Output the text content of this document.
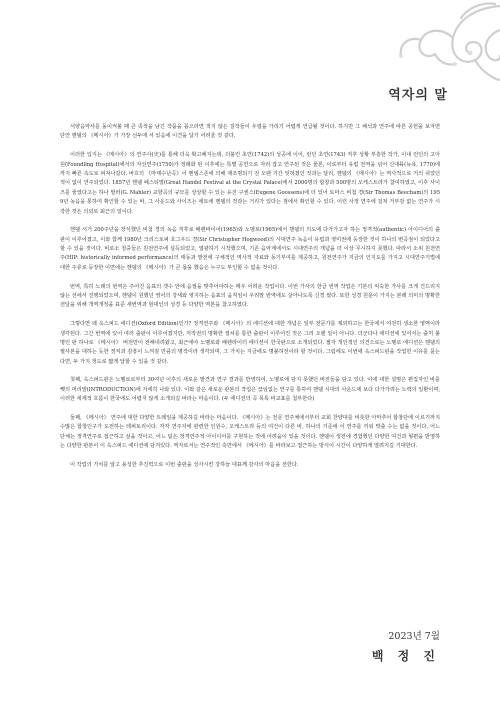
역자의 말

서양음악사를 돌이켜볼 때 큰 족적을 남긴 작품을 꼽으라면 적지 않은 걸작들이 우열을 가리기 어렵게 연급될 것이다. 하지만 그 해석과 연주에 따른 공헌을 보자면 단연 헨델의 《메시아》가 가장 선두에 서 있음에 이견을 달기 어려울 것 같다.

이러한 입지는 《메시아》의 연주사(史)를 통해 더욱 확고해지는데, 더블린 초연(1742)의 성공에 이어, 런던 초연(1743) 직후 상황 부흥한 작가, 이내 런던의 고아원(Foundling Hospital)에서의 자선연주(1750)가 정례화 된 이후에는 특별 공연으로 자리 잡고 연주된 것은 물론, 이로부터 유럽 전역을 넘어 신대륙(뉴욕, 1770)에까지 빠른 속도로 퍼져나갔다. 바흐의 《마태수난곡》이 멘델스존에 의해 재조명되기 전 오랜 기간 잊혀졌던 것과는 달리, 헨델의 《메시아》는 역사적으로 거의 쉬었던 적이 없이 연주되었다. 1857년 헨델 페스티벌(Great Handel Festival at the Crystal Palace)에서 2000명의 합창과 500명의 오케스트라가 참여하였고, 이후 사이즈를 줄였다고는 하나 말러(G. Mahler) 교향곡의 규모를 상상할 수 있는 유진 구센스(Eugene Goossens)에 더 있어 토마스 비첨 경(Sir Thomas Beecham)의 1959년 녹음을 통하여 확인할 수 있는 바, 그 사운드와 사이즈는 에토에 헨델의 것과는 거리가 있다는 점에서 확인할 수 있다. 이런 사정 연주에 걸쳐 거부감 없는 연주가 시작한 것은 의외로 최근의 일이다.

헨델 서거 200주년을 장식했던 비첨 경의 녹음 직후로 배렌바이어(1965)와 노벨로(1965)에서 헨델의 의도에 다가가고자 하는 정격적(authentic) 아이디어의 출판이 이루어졌고, 이와 함께 1980년 크리스토퍼 호그우드 경(Sir Christopher Hogwood)의 시대연주 녹음이 유럽과 영미권에 등장한 것이 하나의 변곡점이 되었다고 할 수 있을 것이다. 비로소 청중들은 원전연주에 설득되었고, 열광하기 시작했으며, 기존 음악계에서도 시대연주의 개념을 더 이상 무시하지 못했다. 따라서 소위 원전연주(HIP: historically informed performance)의 태동과 발전에 구체적인 역사적 자료와 동기부여를 제공하고, 원전연주가 지금의 인지도를 가지고 시대연주기법에 대한 주류로 등장한 이면에는 헨델의 《메시아》가 큰 몫을 했음은 누구도 부인할 수 없을 것이다.

번역, 특히 노래의 번역은 주어진 음표의 갯수 안에 음절을 맞추어야하는 매우 어려운 작업이다. 이번 가사의 한글 번역 작업은 기본의 익숙한 가사를 크게 건드리지 않는 선에서 진행되었으며, 헨델이 원했던 영어의 강세와 엮지하는 음표의 움직임이 우리말 번역에도 살아나도록 신경 썼다. 또한 성경 원문이 가지는 본래 의미의 명확한 전달을 위해 개역개정을 표준 새번역과 현대인의 성경 등 다양한 역본을 참고하였다.

그렇다면 왜 옥스퍼드 에디션(Oxford Edition)인가? 정격연주와 《메시아》의 에디션에 대한 개념은 일부 전문가를 제외하고는 한국에서 여전히 생소한 영역이라 생각된다. 그간 번역에 있어 여러 출판이 이루어졌지만, 저작권의 명확한 절차를 통한 출판이 이루어진 것은 그리 오랜 일이 아니다. 더군다나 에디션에 있어서는 출처 불명인 판 하나로 《메시아》 버전만이 전해내려왔고, 최근에야 노벨로와 배렌라이터 에디션이 한국판으로 소개되었다. 필자 개인적인 의견으로는 노벨로 에디션은 헨델의 필사본을 대하는 듯한 정직과 감흥이 느껴질 만큼의 명작이라 생각되며, 그 가치는 지금에도 명불허전이라 할 것이다. 그럼에도 이번에 옥스퍼드판을 작업한 이유를 묻는다면, 두 가지 정도로 짧게 답할 수 있을 것 같다.

첫째, 옥스퍼드판은 노벨로로부터 30여년 이후의 새로운 발견과 연구 결과를 반영하여, 노벨로에 담지 못했던 버전들을 담고 있다. 이에 대한 설명은 편집자인 바를 뺏의 머리말(INTRODUCTION)에 자세히 나와 있다. 이와 같은 새로운 판본의 작업은 끊임없는 연구를 통하여 헨델 시대의 사운드에 보다 다가가려는 노력의 일환이며, 이러한 세계적 흐름이 한국에도 어렵지 않게 소개되길 바라는 마음이다. (두 에디션의 곡 목록 비교표를 첨부한다)

둘째, 《메시아》 연주에 대한 다양한 트레일을 제공하길 바라는 마음이다. 《메시아》는 전문 연주체에서부터 교회 찬양대를 비롯한 아마추어 합창단에 이르기까지 수많은 합창인구가 도전하는 레퍼토리이다. 각각 연주자에 관련한 인원수, 오케스트라 등의 여건이 다른 바, 하나의 기준에 이 연주를 끼워 맞출 수는 없을 것이다. 어느 단체는 정격연주로 접근하고 싶을 것이고, 어느 팀은 정격연주적 아이디어를 구현하는 것에 어려움이 있을 것이다. 헨델이 생전에 경험했던 다양한 여건과 형편을 반영하는 다양한 판본이 이 옥스퍼드 에디션에 담겨있다. 역자로서는 연주적인 측면에서 《메시아》를 바라보고 접근하는 방식이 시간이 다양하게 열려지길 기대한다.

이 작업의 가치를 알고 용성한 추진력으로 이번 출판을 성사시킨 강하늘 대표께 감사의 마음을 전한다.

2023년 7월
백 정 진
